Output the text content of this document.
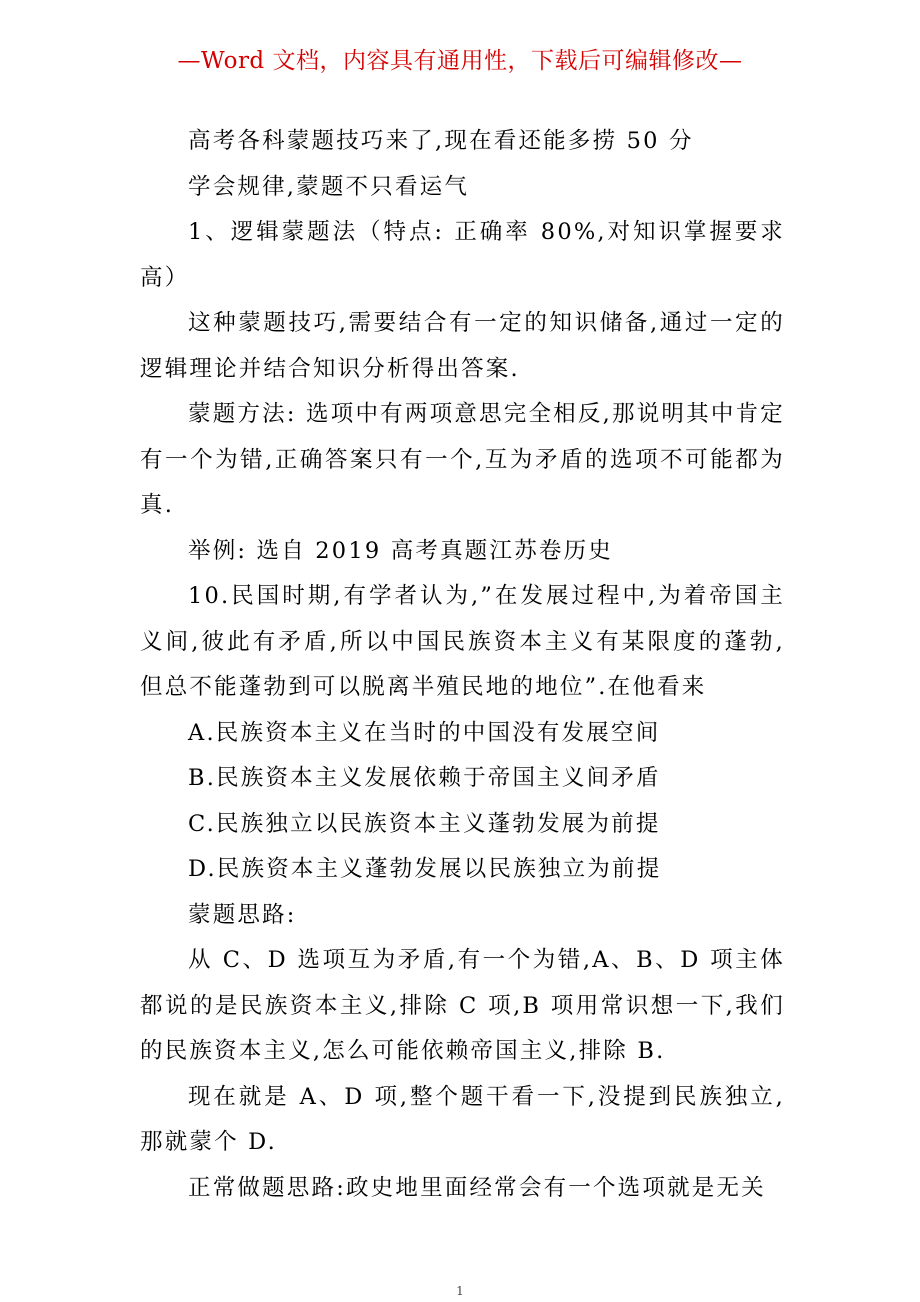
—Word 文档，内容具有通用性，下载后可编辑修改—

高考各科蒙题技巧来了,现在看还能多捞 50 分

学会规律,蒙题不只看运气

1、逻辑蒙题法（特点: 正确率 80%,对知识掌握要求高）

这种蒙题技巧,需要结合有一定的知识储备,通过一定的逻辑理论并结合知识分析得出答案.

蒙题方法: 选项中有两项意思完全相反,那说明其中肯定有一个为错,正确答案只有一个,互为矛盾的选项不可能都为真.

举例: 选自 2019 高考真题江苏卷历史

10.民国时期,有学者认为,”在发展过程中,为着帝国主义间,彼此有矛盾,所以中国民族资本主义有某限度的蓬勃,但总不能蓬勃到可以脱离半殖民地的地位”.在他看来

A.民族资本主义在当时的中国没有发展空间

B.民族资本主义发展依赖于帝国主义间矛盾

C.民族独立以民族资本主义蓬勃发展为前提

D.民族资本主义蓬勃发展以民族独立为前提

蒙题思路:

从 C、D 选项互为矛盾,有一个为错,A、B、D 项主体都说的是民族资本主义,排除 C 项,B 项用常识想一下,我们的民族资本主义,怎么可能依赖帝国主义,排除 B.

现在就是 A、D 项,整个题干看一下,没提到民族独立,那就蒙个 D.

正常做题思路:政史地里面经常会有一个选项就是无关

1
